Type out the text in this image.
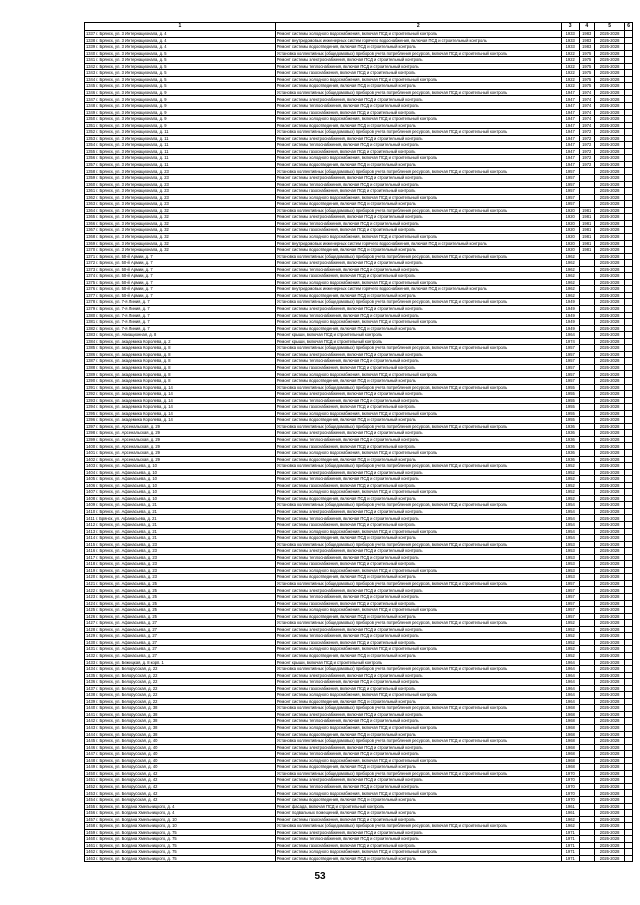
1	2	3	4	5	6
1337 г. Брянск, ул. 3 Интернационала, д. 4	Ремонт системы холодного водоснабжения, включая ПСД и строительный контроль	1933	1983	2026-2028	
1338 г. Брянск, ул. 3 Интернационала, д. 4	Ремонт внутридомовых инженерных систем горячего водоснабжения, включая ПСД и строительный контроль	1933	1983	2026-2028	
1339 г. Брянск, ул. 3 Интернационала, д. 4	Ремонт системы водоотведения, включая ПСД и строительный контроль	1933	1983	2026-2028	
1340 г. Брянск, ул. 3 Интернационала, д. 5	Установка коллективных (общедомовых) приборов учета потребления ресурсов, включая ПСД и строительный контроль	1922	1975	2026-2028	
1341 г. Брянск, ул. 3 Интернационала, д. 5	Ремонт системы электроснабжения, включая ПСД и строительный контроль	1922	1975	2026-2028	
1342 г. Брянск, ул. 3 Интернационала, д. 5	Ремонт системы теплоснабжения, включая ПСД и строительный контроль	1922	1975	2026-2028	
1343 г. Брянск, ул. 3 Интернационала, д. 5	Ремонт системы газоснабжения, включая ПСД и строительный контроль	1922	1975	2026-2028	
1344 г. Брянск, ул. 3 Интернационала, д. 5	Ремонт системы холодного водоснабжения, включая ПСД и строительный контроль	1922	1975	2026-2028	
1345 г. Брянск, ул. 3 Интернационала, д. 5	Ремонт системы водоотведения, включая ПСД и строительный контроль	1922	1975	2026-2028	
1346 г. Брянск, ул. 3 Интернационала, д. 9	Установка коллективных (общедомовых) приборов учета потребления ресурсов, включая ПСД и строительный контроль	1947	1974	2026-2028	
1347 г. Брянск, ул. 3 Интернационала, д. 9	Ремонт системы электроснабжения, включая ПСД и строительный контроль	1947	1974	2026-2028	
1348 г. Брянск, ул. 3 Интернационала, д. 9	Ремонт системы теплоснабжения, включая ПСД и строительный контроль	1947	1974	2026-2028	
1349 г. Брянск, ул. 3 Интернационала, д. 9	Ремонт системы газоснабжения, включая ПСД и строительный контроль	1947	1974	2026-2028	
1350 г. Брянск, ул. 3 Интернационала, д. 9	Ремонт системы холодного водоснабжения, включая ПСД и строительный контроль	1947	1974	2026-2028	
1351 г. Брянск, ул. 3 Интернационала, д. 9	Ремонт системы водоотведения, включая ПСД и строительный контроль	1947	1974	2026-2028	
1352 г. Брянск, ул. 3 Интернационала, д. 11	Установка коллективных (общедомовых) приборов учета потребления ресурсов, включая ПСД и строительный контроль	1947	1972	2026-2028	
1353 г. Брянск, ул. 3 Интернационала, д. 11	Ремонт системы электроснабжения, включая ПСД и строительный контроль	1947	1972	2026-2028	
1354 г. Брянск, ул. 3 Интернационала, д. 11	Ремонт системы теплоснабжения, включая ПСД и строительный контроль	1947	1972	2026-2028	
1355 г. Брянск, ул. 3 Интернационала, д. 11	Ремонт системы газоснабжения, включая ПСД и строительный контроль	1947	1972	2026-2028	
1356 г. Брянск, ул. 3 Интернационала, д. 11	Ремонт системы холодного водоснабжения, включая ПСД и строительный контроль	1947	1972	2026-2028	
1357 г. Брянск, ул. 3 Интернационала, д. 11	Ремонт системы водоотведения, включая ПСД и строительный контроль	1947	1972	2026-2028	
1358 г. Брянск, ул. 3 Интернационала, д. 23	Установка коллективных (общедомовых) приборов учета потребления ресурсов, включая ПСД и строительный контроль	1957		2026-2028	
1359 г. Брянск, ул. 3 Интернационала, д. 23	Ремонт системы электроснабжения, включая ПСД и строительный контроль	1957		2026-2028	
1360 г. Брянск, ул. 3 Интернационала, д. 23	Ремонт системы теплоснабжения, включая ПСД и строительный контроль	1957		2026-2028	
1361 г. Брянск, ул. 3 Интернационала, д. 23	Ремонт системы газоснабжения, включая ПСД и строительный контроль	1957		2026-2028	
1362 г. Брянск, ул. 3 Интернационала, д. 23	Ремонт системы холодного водоснабжения, включая ПСД и строительный контроль	1957		2026-2028	
1363 г. Брянск, ул. 3 Интернационала, д. 23	Ремонт системы водоотведения, включая ПСД и строительный контроль	1957		2026-2028	
1364 г. Брянск, ул. 3 Интернационала, д. 32	Установка коллективных (общедомовых) приборов учета потребления ресурсов, включая ПСД и строительный контроль	1920	1981	2026-2028	
1365 г. Брянск, ул. 3 Интернационала, д. 32	Ремонт системы электроснабжения, включая ПСД и строительный контроль	1920	1981	2026-2028	
1366 г. Брянск, ул. 3 Интернационала, д. 32	Ремонт системы теплоснабжения, включая ПСД и строительный контроль	1920	1981	2026-2028	
1367 г. Брянск, ул. 3 Интернационала, д. 32	Ремонт системы газоснабжения, включая ПСД и строительный контроль	1920	1981	2026-2028	
1368 г. Брянск, ул. 3 Интернационала, д. 32	Ремонт системы холодного водоснабжения, включая ПСД и строительный контроль	1920	1981	2026-2028	
1369 г. Брянск, ул. 3 Интернационала, д. 32	Ремонт внутридомовых инженерных систем горячего водоснабжения, включая ПСД и строительный контроль	1920	1981	2026-2028	
1370 г. Брянск, ул. 3 Интернационала, д. 32	Ремонт системы водоотведения, включая ПСД и строительный контроль	1920	1981	2026-2028	
1371 г. Брянск, ул. 50-й Армии, д. 7	Установка коллективных (общедомовых) приборов учета потребления ресурсов, включая ПСД и строительный контроль	1962		2026-2028	
1372 г. Брянск, ул. 50-й Армии, д. 7	Ремонт системы электроснабжения, включая ПСД и строительный контроль	1962		2026-2028	
1373 г. Брянск, ул. 50-й Армии, д. 7	Ремонт системы теплоснабжения, включая ПСД и строительный контроль	1962		2026-2028	
1374 г. Брянск, ул. 50-й Армии, д. 7	Ремонт системы газоснабжения, включая ПСД и строительный контроль	1962		2026-2028	
1375 г. Брянск, ул. 50-й Армии, д. 7	Ремонт системы холодного водоснабжения, включая ПСД и строительный контроль	1962		2026-2028	
1376 г. Брянск, ул. 50-й Армии, д. 7	Ремонт внутридомовых инженерных систем горячего водоснабжения, включая ПСД и строительный контроль	1962		2026-2028	
1377 г. Брянск, ул. 50-й Армии, д. 7	Ремонт системы водоотведения, включая ПСД и строительный контроль	1962		2026-2028	
1378 г. Брянск, ул. 7-я Линия, д. 7	Установка коллективных (общедомовых) приборов учета потребления ресурсов, включая ПСД и строительный контроль	1949		2026-2028	
1379 г. Брянск, ул. 7-я Линия, д. 7	Ремонт системы электроснабжения, включая ПСД и строительный контроль	1949		2026-2028	
1380 г. Брянск, ул. 7-я Линия, д. 7	Ремонт системы теплоснабжения, включая ПСД и строительный контроль	1949		2026-2028	
1381 г. Брянск, ул. 7-я Линия, д. 7	Ремонт системы холодного водоснабжения, включая ПСД и строительный контроль	1949		2026-2028	
1382 г. Брянск, ул. 7-я Линия, д. 7	Ремонт системы водоотведения, включая ПСД и строительный контроль	1949		2026-2028	
1383 г. Брянск, ул. Авиационная, д. 8	Ремонт крыши, включая ПСД и строительный контроль	1964		2026-2028	
1384 г. Брянск, ул. академика Королева, д. 2	Ремонт крыши, включая ПСД и строительный контроль	1974		2026-2028	
1385 г. Брянск, ул. академика Королева, д. 8	Установка коллективных (общедомовых) приборов учета потребления ресурсов, включая ПСД и строительный контроль	1957		2026-2028	
1386 г. Брянск, ул. академика Королева, д. 8	Ремонт системы электроснабжения, включая ПСД и строительный контроль	1957		2026-2028	
1387 г. Брянск, ул. академика Королева, д. 8	Ремонт системы теплоснабжения, включая ПСД и строительный контроль	1957		2026-2028	
1388 г. Брянск, ул. академика Королева, д. 8	Ремонт системы газоснабжения, включая ПСД и строительный контроль	1957		2026-2028	
1389 г. Брянск, ул. академика Королева, д. 8	Ремонт системы холодного водоснабжения, включая ПСД и строительный контроль	1957		2026-2028	
1390 г. Брянск, ул. академика Королева, д. 8	Ремонт системы водоотведения, включая ПСД и строительный контроль	1957		2026-2028	
1391 г. Брянск, ул. академика Королева, д. 14	Установка коллективных (общедомовых) приборов учета потребления ресурсов, включая ПСД и строительный контроль	1955		2026-2028	
1392 г. Брянск, ул. академика Королева, д. 14	Ремонт системы электроснабжения, включая ПСД и строительный контроль	1955		2026-2028	
1393 г. Брянск, ул. академика Королева, д. 14	Ремонт системы теплоснабжения, включая ПСД и строительный контроль	1955		2026-2028	
1394 г. Брянск, ул. академика Королева, д. 14	Ремонт системы газоснабжения, включая ПСД и строительный контроль	1955		2026-2028	
1395 г. Брянск, ул. академика Королева, д. 14	Ремонт системы холодного водоснабжения, включая ПСД и строительный контроль	1955		2026-2028	
1396 г. Брянск, ул. академика Королева, д. 14	Ремонт системы водоотведения, включая ПСД и строительный контроль	1955		2026-2028	
1397 г. Брянск, ул. Арсенальская, д. 29	Установка коллективных (общедомовых) приборов учета потребления ресурсов, включая ПСД и строительный контроль	1936		2026-2028	
1398 г. Брянск, ул. Арсенальская, д. 29	Ремонт системы электроснабжения, включая ПСД и строительный контроль	1936		2026-2028	
1399 г. Брянск, ул. Арсенальская, д. 29	Ремонт системы теплоснабжения, включая ПСД и строительный контроль	1936		2026-2028	
1400 г. Брянск, ул. Арсенальская, д. 29	Ремонт системы газоснабжения, включая ПСД и строительный контроль	1936		2026-2028	
1401 г. Брянск, ул. Арсенальская, д. 29	Ремонт системы холодного водоснабжения, включая ПСД и строительный контроль	1936		2026-2028	
1402 г. Брянск, ул. Арсенальская, д. 29	Ремонт системы водоотведения, включая ПСД и строительный контроль	1936		2026-2028	
1403 г. Брянск, ул. Афанасьева, д. 10	Установка коллективных (общедомовых) приборов учета потребления ресурсов, включая ПСД и строительный контроль	1952		2026-2028	
1404 г. Брянск, ул. Афанасьева, д. 10	Ремонт системы электроснабжения, включая ПСД и строительный контроль	1952		2026-2028	
1405 г. Брянск, ул. Афанасьева, д. 10	Ремонт системы теплоснабжения, включая ПСД и строительный контроль	1952		2026-2028	
1406 г. Брянск, ул. Афанасьева, д. 10	Ремонт системы газоснабжения, включая ПСД и строительный контроль	1952		2026-2028	
1407 г. Брянск, ул. Афанасьева, д. 10	Ремонт системы холодного водоснабжения, включая ПСД и строительный контроль	1952		2026-2028	
1408 г. Брянск, ул. Афанасьева, д. 10	Ремонт системы водоотведения, включая ПСД и строительный контроль	1952		2026-2028	
1409 г. Брянск, ул. Афанасьева, д. 21	Установка коллективных (общедомовых) приборов учета потребления ресурсов, включая ПСД и строительный контроль	1954		2026-2028	
1410 г. Брянск, ул. Афанасьева, д. 21	Ремонт системы электроснабжения, включая ПСД и строительный контроль	1954		2026-2028	
1411 г. Брянск, ул. Афанасьева, д. 21	Ремонт системы теплоснабжения, включая ПСД и строительный контроль	1954		2026-2028	
1412 г. Брянск, ул. Афанасьева, д. 21	Ремонт системы газоснабжения, включая ПСД и строительный контроль	1954		2026-2028	
1413 г. Брянск, ул. Афанасьева, д. 21	Ремонт системы холодного водоснабжения, включая ПСД и строительный контроль	1954		2026-2028	
1414 г. Брянск, ул. Афанасьева, д. 21	Ремонт системы водоотведения, включая ПСД и строительный контроль	1954		2026-2028	
1415 г. Брянск, ул. Афанасьева, д. 23	Установка коллективных (общедомовых) приборов учета потребления ресурсов, включая ПСД и строительный контроль	1953		2026-2028	
1416 г. Брянск, ул. Афанасьева, д. 23	Ремонт системы электроснабжения, включая ПСД и строительный контроль	1953		2026-2028	
1417 г. Брянск, ул. Афанасьева, д. 23	Ремонт системы теплоснабжения, включая ПСД и строительный контроль	1953		2026-2028	
1418 г. Брянск, ул. Афанасьева, д. 23	Ремонт системы газоснабжения, включая ПСД и строительный контроль	1953		2026-2028	
1419 г. Брянск, ул. Афанасьева, д. 23	Ремонт системы холодного водоснабжения, включая ПСД и строительный контроль	1953		2026-2028	
1420 г. Брянск, ул. Афанасьева, д. 23	Ремонт системы водоотведения, включая ПСД и строительный контроль	1953		2026-2028	
1421 г. Брянск, ул. Афанасьева, д. 25	Установка коллективных (общедомовых) приборов учета потребления ресурсов, включая ПСД и строительный контроль	1957		2026-2028	
1422 г. Брянск, ул. Афанасьева, д. 25	Ремонт системы электроснабжения, включая ПСД и строительный контроль	1957		2026-2028	
1423 г. Брянск, ул. Афанасьева, д. 25	Ремонт системы теплоснабжения, включая ПСД и строительный контроль	1957		2026-2028	
1424 г. Брянск, ул. Афанасьева, д. 25	Ремонт системы газоснабжения, включая ПСД и строительный контроль	1957		2026-2028	
1425 г. Брянск, ул. Афанасьева, д. 25	Ремонт системы холодного водоснабжения, включая ПСД и строительный контроль	1957		2026-2028	
1426 г. Брянск, ул. Афанасьева, д. 25	Ремонт системы водоотведения, включая ПСД и строительный контроль	1957		2026-2028	
1427 г. Брянск, ул. Афанасьева, д. 27	Установка коллективных (общедомовых) приборов учета потребления ресурсов, включая ПСД и строительный контроль	1952		2026-2028	
1428 г. Брянск, ул. Афанасьева, д. 27	Ремонт системы электроснабжения, включая ПСД и строительный контроль	1952		2026-2028	
1429 г. Брянск, ул. Афанасьева, д. 27	Ремонт системы теплоснабжения, включая ПСД и строительный контроль	1952		2026-2028	
1430 г. Брянск, ул. Афанасьева, д. 27	Ремонт системы газоснабжения, включая ПСД и строительный контроль	1952		2026-2028	
1431 г. Брянск, ул. Афанасьева, д. 27	Ремонт системы холодного водоснабжения, включая ПСД и строительный контроль	1952		2026-2028	
1432 г. Брянск, ул. Афанасьева, д. 27	Ремонт системы водоотведения, включая ПСД и строительный контроль	1952		2026-2028	
1433 г. Брянск, ул. Бежицкая, д. 8 корп. 1	Ремонт крыши, включая ПСД и строительный контроль	1964		2026-2028	
1434 г. Брянск, ул. Белорусская, д. 22	Установка коллективных (общедомовых) приборов учета потребления ресурсов, включая ПСД и строительный контроль	1964		2026-2028	
1435 г. Брянск, ул. Белорусская, д. 22	Ремонт системы электроснабжения, включая ПСД и строительный контроль	1964		2026-2028	
1436 г. Брянск, ул. Белорусская, д. 22	Ремонт системы теплоснабжения, включая ПСД и строительный контроль	1964		2026-2028	
1437 г. Брянск, ул. Белорусская, д. 22	Ремонт системы газоснабжения, включая ПСД и строительный контроль	1964		2026-2028	
1438 г. Брянск, ул. Белорусская, д. 22	Ремонт системы холодного водоснабжения, включая ПСД и строительный контроль	1964		2026-2028	
1439 г. Брянск, ул. Белорусская, д. 22	Ремонт системы водоотведения, включая ПСД и строительный контроль	1964		2026-2028	
1440 г. Брянск, ул. Белорусская, д. 38	Установка коллективных (общедомовых) приборов учета потребления ресурсов, включая ПСД и строительный контроль	1968		2026-2028	
1441 г. Брянск, ул. Белорусская, д. 38	Ремонт системы электроснабжения, включая ПСД и строительный контроль	1968		2026-2028	
1442 г. Брянск, ул. Белорусская, д. 38	Ремонт системы теплоснабжения, включая ПСД и строительный контроль	1968		2026-2028	
1443 г. Брянск, ул. Белорусская, д. 38	Ремонт системы холодного водоснабжения, включая ПСД и строительный контроль	1968		2026-2028	
1444 г. Брянск, ул. Белорусская, д. 38	Ремонт системы водоотведения, включая ПСД и строительный контроль	1968		2026-2028	
1445 г. Брянск, ул. Белорусская, д. 40	Установка коллективных (общедомовых) приборов учета потребления ресурсов, включая ПСД и строительный контроль	1968		2026-2028	
1446 г. Брянск, ул. Белорусская, д. 40	Ремонт системы электроснабжения, включая ПСД и строительный контроль	1968		2026-2028	
1447 г. Брянск, ул. Белорусская, д. 40	Ремонт системы теплоснабжения, включая ПСД и строительный контроль	1968		2026-2028	
1448 г. Брянск, ул. Белорусская, д. 40	Ремонт системы холодного водоснабжения, включая ПСД и строительный контроль	1968		2026-2028	
1449 г. Брянск, ул. Белорусская, д. 40	Ремонт системы водоотведения, включая ПСД и строительный контроль	1968		2026-2028	
1450 г. Брянск, ул. Белорусская, д. 42	Установка коллективных (общедомовых) приборов учета потребления ресурсов, включая ПСД и строительный контроль	1970		2026-2028	
1451 г. Брянск, ул. Белорусская, д. 42	Ремонт системы электроснабжения, включая ПСД и строительный контроль	1970		2026-2028	
1452 г. Брянск, ул. Белорусская, д. 42	Ремонт системы теплоснабжения, включая ПСД и строительный контроль	1970		2026-2028	
1453 г. Брянск, ул. Белорусская, д. 42	Ремонт системы холодного водоснабжения, включая ПСД и строительный контроль	1970		2026-2028	
1454 г. Брянск, ул. Белорусская, д. 42	Ремонт системы водоотведения, включая ПСД и строительный контроль	1970		2026-2028	
1455 г. Брянск, ул. Богдана Хмельницкого, д. 4	Ремонт фасада, включая ПСД и строительный контроль	1961		2026-2028	
1456 г. Брянск, ул. Богдана Хмельницкого, д. 4	Ремонт подвальных помещений, включая ПСД и строительный контроль	1961		2026-2028	
1457 г. Брянск, ул. Богдана Хмельницкого, д. 10	Ремонт системы газоснабжения, включая ПСД и строительный контроль	1962		2026-2028	
1458 г. Брянск, ул. Богдана Хмельницкого, д. 10	Установка коллективных (общедомовых) приборов учета потребления ресурсов, включая ПСД и строительный контроль	1962		2026-2028	
1459 г. Брянск, ул. Богдана Хмельницкого, д. 75	Ремонт системы электроснабжения, включая ПСД и строительный контроль	1971		2026-2028	
1460 г. Брянск, ул. Богдана Хмельницкого, д. 75	Ремонт системы теплоснабжения, включая ПСД и строительный контроль	1971		2026-2028	
1461 г. Брянск, ул. Богдана Хмельницкого, д. 75	Ремонт системы газоснабжения, включая ПСД и строительный контроль	1971		2026-2028	
1462 г. Брянск, ул. Богдана Хмельницкого, д. 75	Ремонт системы холодного водоснабжения, включая ПСД и строительный контроль	1971		2026-2028	
1463 г. Брянск, ул. Богдана Хмельницкого, д. 75	Ремонт системы водоотведения, включая ПСД и строительный контроль	1971		2026-2028	
53
